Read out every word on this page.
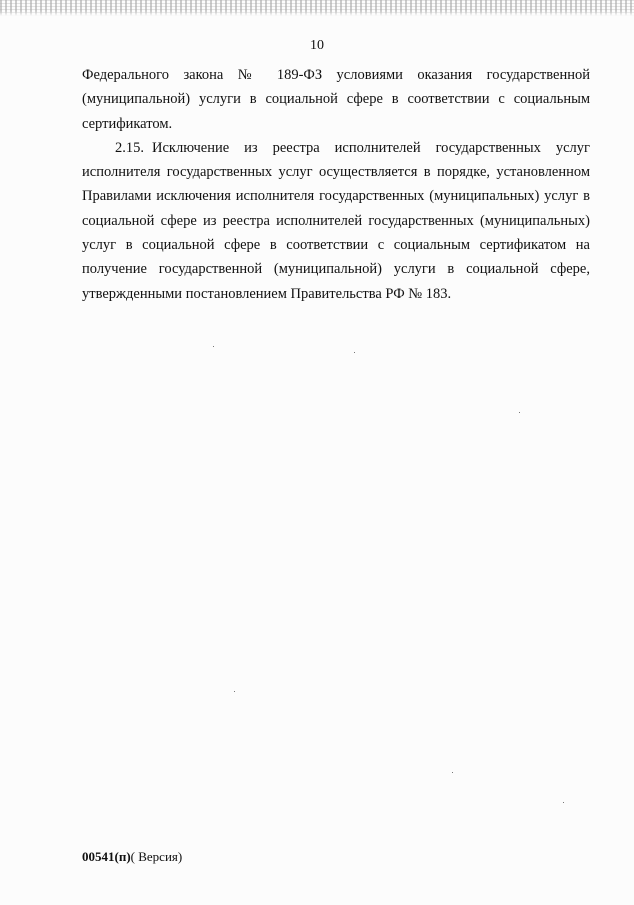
10

Федерального закона № 189-ФЗ условиями оказания государственной (муниципальной) услуги в социальной сфере в соответствии с социальным сертификатом.

2.15. Исключение из реестра исполнителей государственных услуг исполнителя государственных услуг осуществляется в порядке, установленном Правилами исключения исполнителя государственных (муниципальных) услуг в социальной сфере из реестра исполнителей государственных (муниципальных) услуг в социальной сфере в соответствии с социальным сертификатом на получение государственной (муниципальной) услуги в социальной сфере, утвержденными постановлением Правительства РФ № 183.

00541(п)( Версия)
